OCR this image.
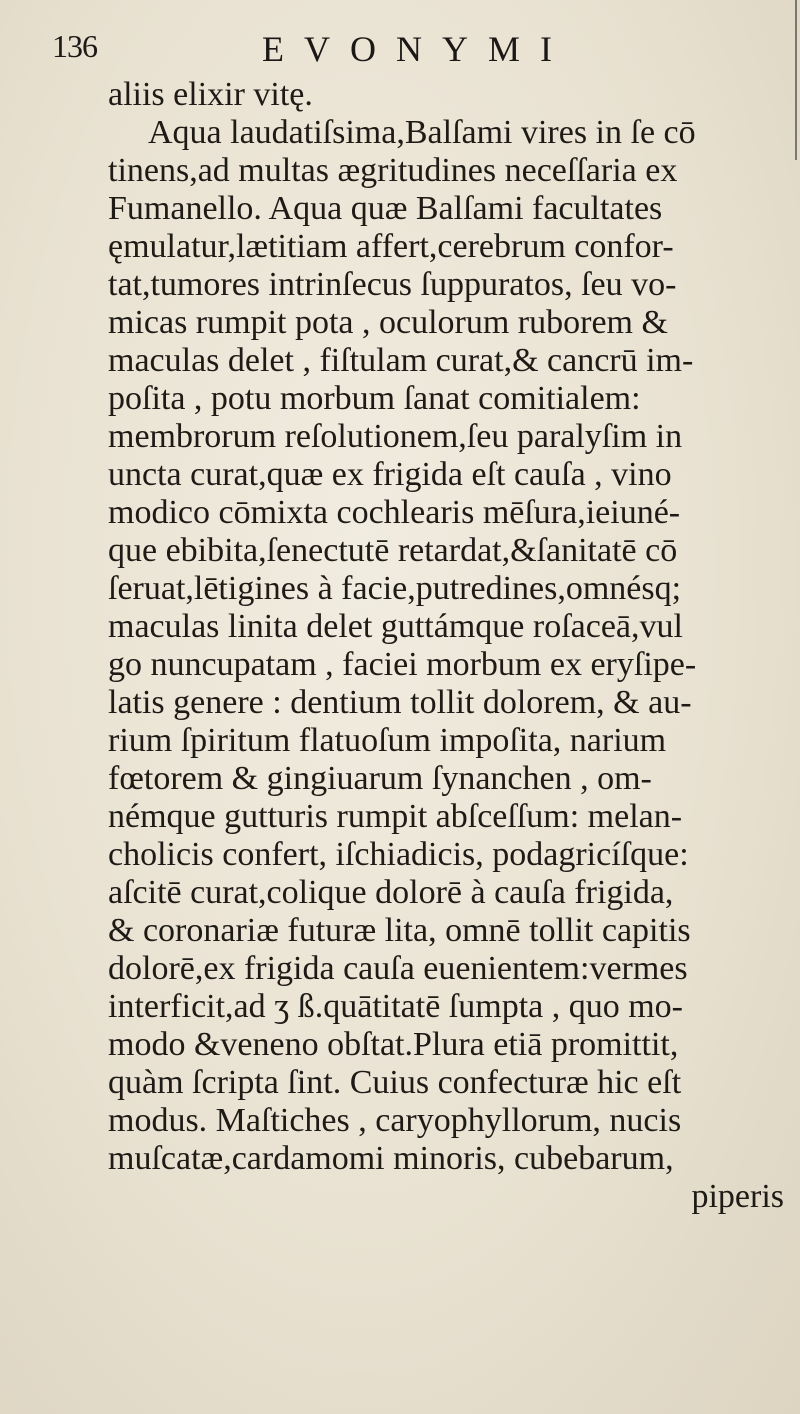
136	EVONYMI
aliis elixir vitę.
Aqua laudatiſsima,Balſami vires in ſe cō
tinens,ad multas ægritudines neceſſaria ex
Fumanello. Aqua quæ Balſami facultates
ęmulatur,lætitiam affert,cerebrum confor-
tat,tumores intrinſecus ſuppuratos, ſeu vo-
micas rumpit pota , oculorum ruborem &
maculas delet , fiſtulam curat,& cancrū im-
poſita , potu morbum ſanat comitialem:
membrorum reſolutionem,ſeu paralyſim in
uncta curat,quæ ex frigida eſt cauſa , vino
modico cōmixta cochlearis mēſura,ieiuné-
que ebibita,ſenectutē retardat,&ſanitatē cō
ſeruat,lētigines à facie,putredines,omnésq;
maculas linita delet guttámque roſaceā,vul
go nuncupatam , faciei morbum ex eryſipe-
latis genere : dentium tollit dolorem, & au-
rium ſpiritum flatuoſum impoſita, narium
fœtorem & gingiuarum ſynanchen , om-
némque gutturis rumpit abſceſſum: melan-
cholicis confert, iſchiadicis, podagricíſque:
aſcitē curat,colique dolorē à cauſa frigida,
& coronariæ futuræ lita, omnē tollit capitis
dolorē,ex frigida cauſa euenientem:vermes
interficit,ad ʒ ß.quātitatē ſumpta , quo mo-
modo &veneno obſtat.Plura etiā promittit,
quàm ſcripta ſint. Cuius confecturæ hic eſt
modus. Maſtiches , caryophyllorum, nucis
muſcatæ,cardamomi minoris, cubebarum,
piperis
